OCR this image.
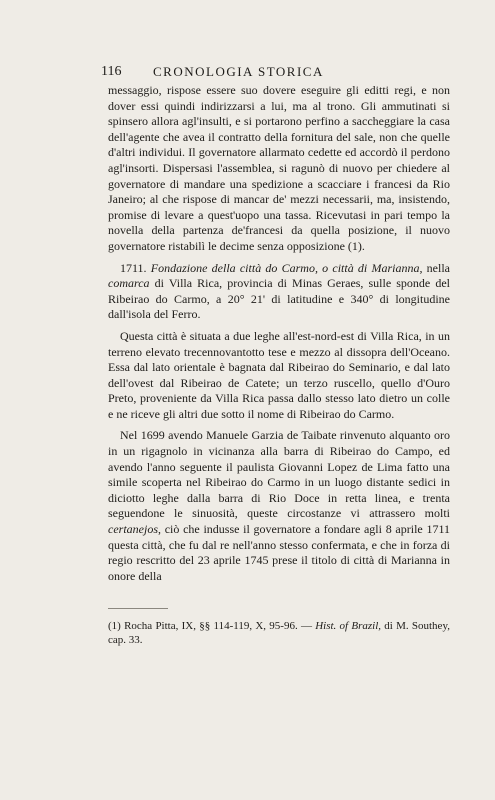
116 CRONOLOGIA STORICA

messaggio, rispose essere suo dovere eseguire gli editti regi, e non dover essi quindi indirizzarsi a lui, ma al trono. Gli ammutinati si spinsero allora agl'insulti, e si portarono perfino a saccheggiare la casa dell'agente che avea il contratto della fornitura del sale, non che quelle d'altri individui. Il governatore allarmato cedette ed accordò il perdono agl'insorti. Dispersasi l'assemblea, si ragunò di nuovo per chiedere al governatore di mandare una spedizione a scacciare i francesi da Rio Janeiro; al che rispose di mancar de' mezzi necessarii, ma, insistendo, promise di levare a quest'uopo una tassa. Ricevutasi in pari tempo la novella della partenza de'francesi da quella posizione, il nuovo governatore ristabilì le decime senza opposizione (1).

1711. Fondazione della città do Carmo, o città di Marianna, nella comarca di Villa Rica, provincia di Minas Geraes, sulle sponde del Ribeirao do Carmo, a 20° 21' di latitudine e 340° di longitudine dall'isola del Ferro.

Questa città è situata a due leghe all'est-nord-est di Villa Rica, in un terreno elevato trecennovantotto tese e mezzo al dissopra dell'Oceano. Essa dal lato orientale è bagnata dal Ribeirao do Seminario, e dal lato dell'ovest dal Ribeirao de Catete; un terzo ruscello, quello d'Ouro Preto, proveniente da Villa Rica passa dallo stesso lato dietro un colle e ne riceve gli altri due sotto il nome di Ribeirao do Carmo.

Nel 1699 avendo Manuele Garzia de Taibate rinvenuto alquanto oro in un rigagnolo in vicinanza alla barra di Ribeirao do Campo, ed avendo l'anno seguente il paulista Giovanni Lopez de Lima fatto una simile scoperta nel Ribeirao do Carmo in un luogo distante sedici in diciotto leghe dalla barra di Rio Doce in retta linea, e trenta seguendone le sinuosità, queste circostanze vi attrassero molti certanejos, ciò che indusse il governatore a fondare agli 8 aprile 1711 questa città, che fu dal re nell'anno stesso confermata, e che in forza di regio rescritto del 23 aprile 1745 prese il titolo di città di Marianna in onore della

(1) Rocha Pitta, IX, §§ 114-119, X, 95-96. — Hist. of Brazil, di M. Southey, cap. 33.
